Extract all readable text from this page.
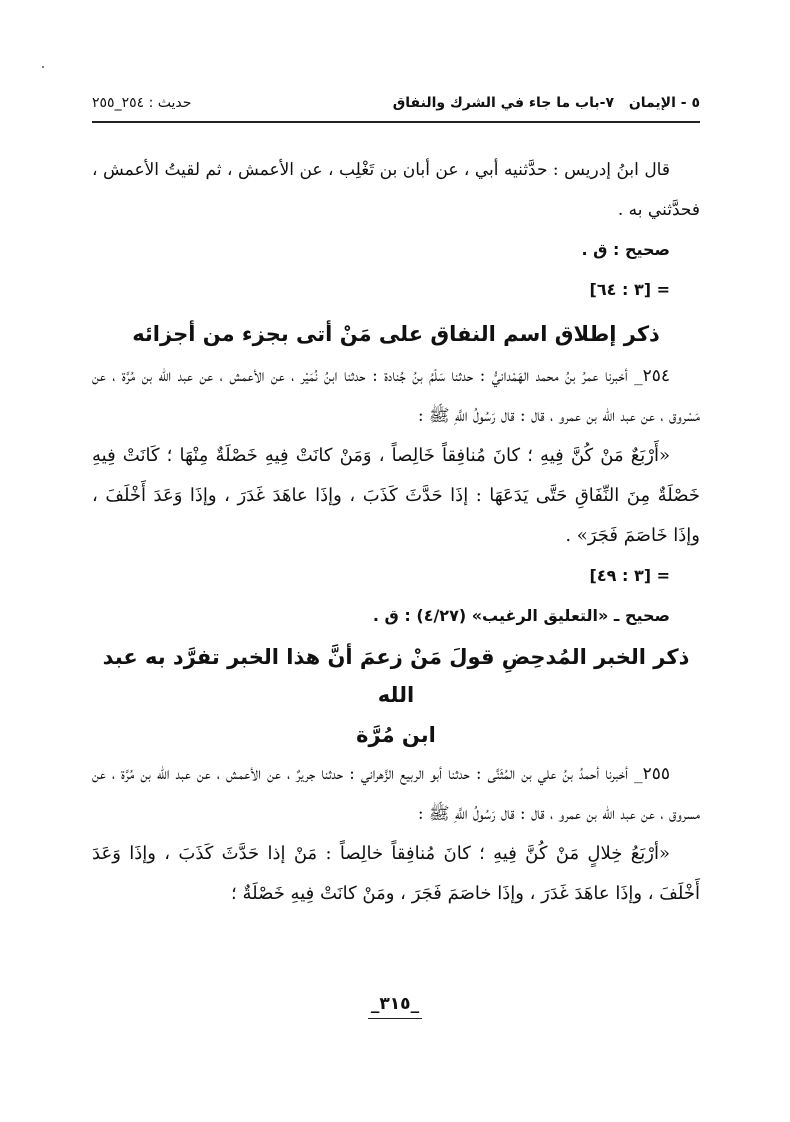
٥ - الإيمان
٧-باب ما جاء في الشرك والنفاق
حديث : ٢٥٤_٢٥٥

قال ابنُ إدريس : حدَّثنيه أبي ، عن أبان بن تَغْلِب ، عن الأعمش ، ثم لقيتُ الأعمش ، فحدَّثني به .

صحيح : ق .

= [٣ : ٦٤]

ذكر إطلاق اسم النفاق على مَنْ أتى بجزء من أجزائه

٢٥٤_ أخبرنا عمرُ بنُ محمد الهَمْدانيُّ : حدثنا سَلْمُ بنُ جُنادة : حدثنا ابنُ نُمَيْر ، عن الأعمش ، عن عبد الله بن مُرَّة ، عن مَسْروق ، عن عبد الله بن عمرو ، قال : قال رَسُولُ اللَّهِ ﷺ :

«أَرْبَعٌ مَنْ كُنَّ فِيهِ ؛ كانَ مُنافِقاً خَالِصاً ، وَمَنْ كانَتْ فِيهِ خَصْلَةٌ مِنْهَا ؛ كَانَتْ فِيهِ خَصْلَةٌ مِنَ النِّفَاقِ حَتَّى يَدَعَهَا : إذَا حَدَّثَ كَذَبَ ، وإذَا عاهَدَ غَدَرَ ، وإذَا وَعَدَ أَخْلَفَ ، وإذَا خَاصَمَ فَجَرَ» .

= [٣ : ٤٩]

صحيح ـ «التعليق الرغيب» (٤/٢٧) : ق .

ذكر الخبر المُدحِضِ قولَ مَنْ زعمَ أنَّ هذا الخبر تفرَّد به عبد الله

ابن مُرَّة

٢٥٥_ أخبرنا أحمدُ بنُ علي بن المُثَنَّى : حدثنا أبو الربيع الزَّهراني : حدثنا جريرٌ ، عن الأعمش ، عن عبد الله بن مُرَّة ، عن مسروق ، عن عبد الله بن عمرو ، قال : قال رَسُولُ اللَّهِ ﷺ :

«أرْبَعُ خِلالٍ مَنْ كُنَّ فِيهِ ؛ كانَ مُنافِقاً خالِصاً : مَنْ إذا حَدَّثَ كَذَبَ ، وإذَا وَعَدَ أَخْلَفَ ، وإذَا عاهَدَ غَدَرَ ، وإذَا خاصَمَ فَجَرَ ، ومَنْ كانَتْ فِيهِ خَصْلَةٌ ؛

_٣١٥_
